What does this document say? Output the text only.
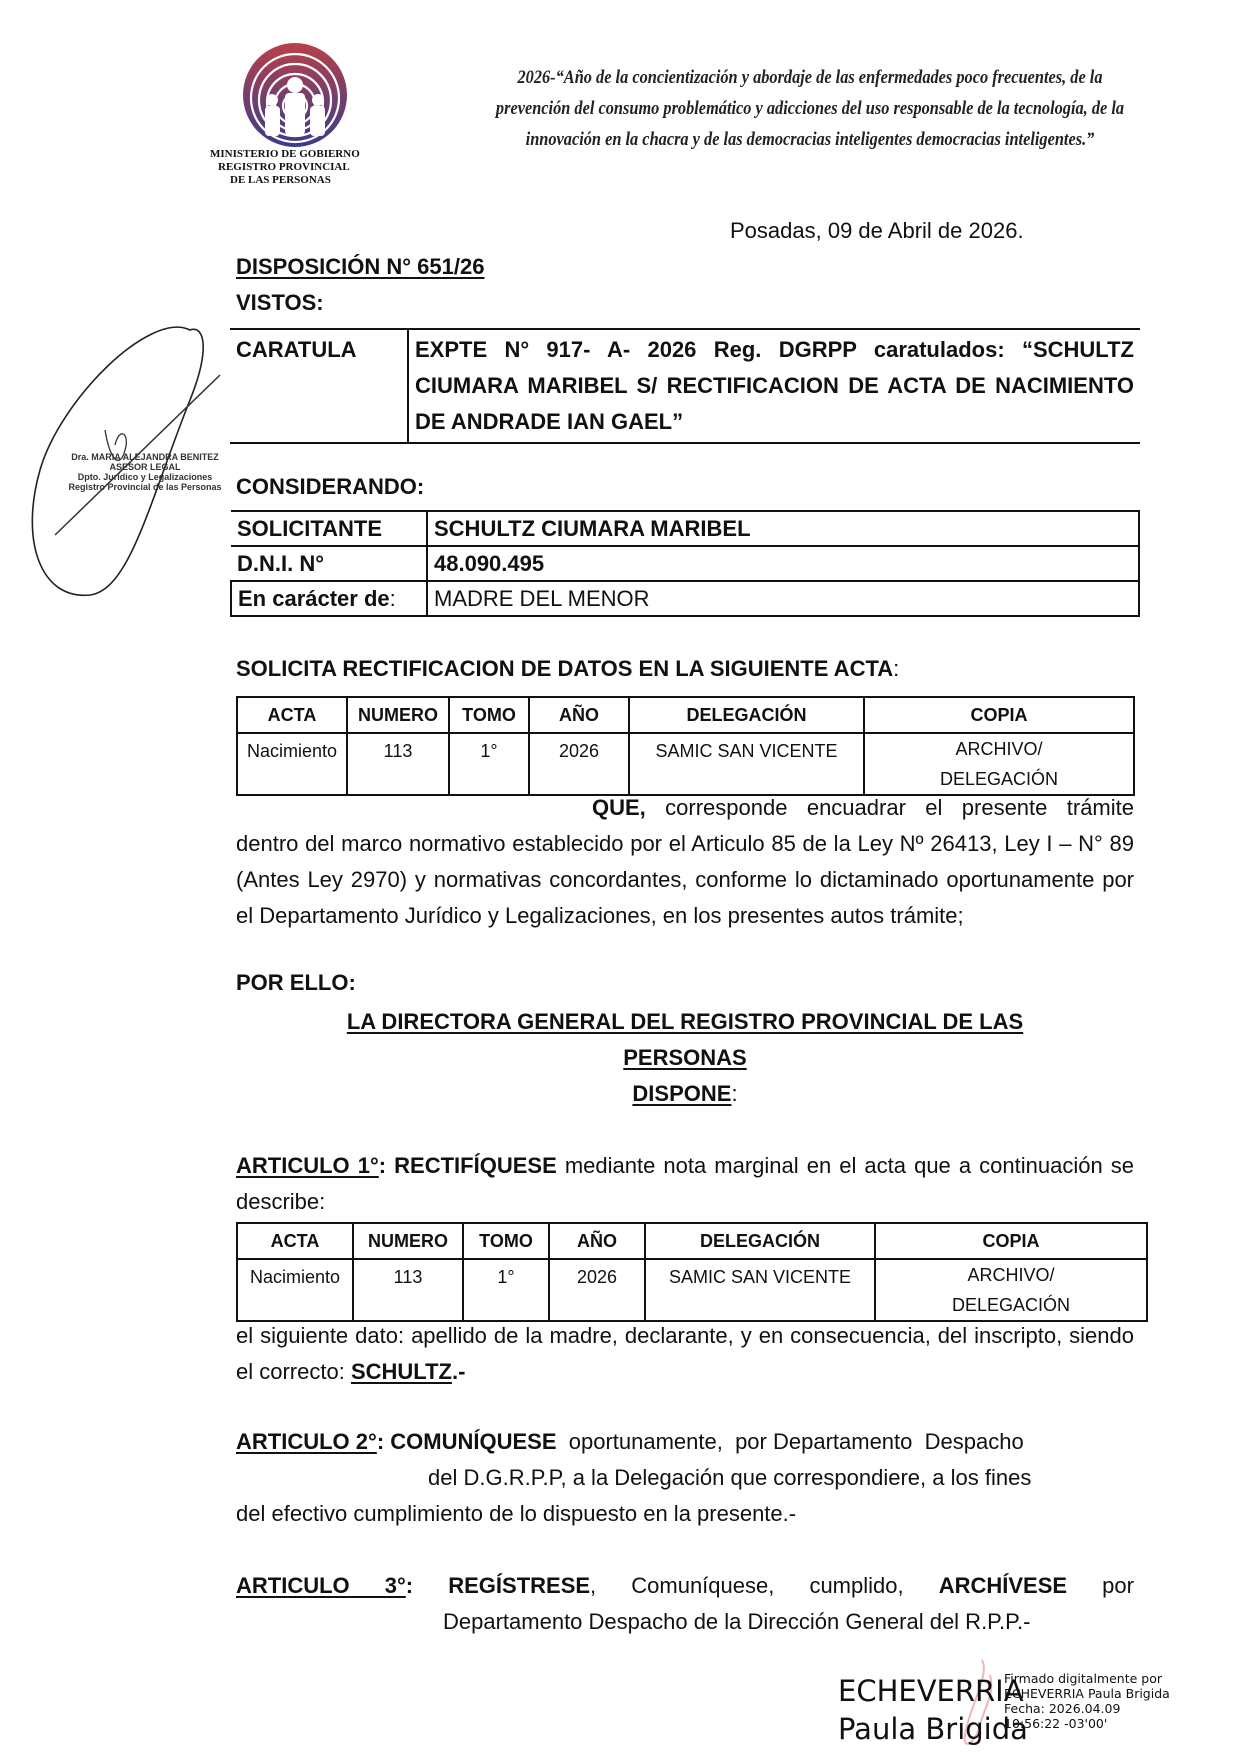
MINISTERIO DE GOBIERNO
REGISTRO PROVINCIAL
DE LAS PERSONAS
2026-“Año de la concientización y abordaje de las enfermedades poco frecuentes, de la
prevención del consumo problemático y adicciones del uso responsable de la tecnología, de la
innovación en la chacra y de las democracias inteligentes democracias inteligentes.”
Dra. MARIA ALEJANDRA BENITEZ
ASESOR LEGAL
Dpto. Jurídico y Legalizaciones
Registro Provincial de las Personas
Posadas, 09 de Abril de 2026.
DISPOSICIÓN N° 651/26
VISTOS:
CARATULA	EXPTE N° 917- A- 2026 Reg. DGRPP caratulados: “SCHULTZ CIUMARA MARIBEL S/ RECTIFICACION DE ACTA DE NACIMIENTO DE ANDRADE IAN GAEL”
CONSIDERANDO:
SOLICITANTE	SCHULTZ CIUMARA MARIBEL
D.N.I. N°	48.090.495
En carácter de:	MADRE DEL MENOR
SOLICITA RECTIFICACION DE DATOS EN LA SIGUIENTE ACTA:
ACTA	NUMERO	TOMO	AÑO	DELEGACIÓN	COPIA
Nacimiento	113	1°	2026	SAMIC SAN VICENTE	ARCHIVO/ DELEGACIÓN
QUE, corresponde encuadrar el presente trámite dentro del marco normativo establecido por el Articulo 85 de la Ley Nº 26413, Ley I – N° 89 (Antes Ley 2970) y normativas concordantes, conforme lo dictaminado oportunamente por el Departamento Jurídico y Legalizaciones, en los presentes autos trámite;
POR ELLO:
LA DIRECTORA GENERAL DEL REGISTRO PROVINCIAL DE LAS
PERSONAS
DISPONE:
ARTICULO 1°: RECTIFÍQUESE mediante nota marginal en el acta que a continuación se describe:
ACTA	NUMERO	TOMO	AÑO	DELEGACIÓN	COPIA
Nacimiento	113	1°	2026	SAMIC SAN VICENTE	ARCHIVO/ DELEGACIÓN
el siguiente dato: apellido de la madre, declarante, y en consecuencia, del inscripto, siendo el correcto: SCHULTZ.-
ARTICULO 2°: COMUNÍQUESE  oportunamente,  por Departamento  Despacho
del D.G.R.P.P, a la Delegación que correspondiere, a los fines
del efectivo cumplimiento de lo dispuesto en la presente.-
ARTICULO 3°: REGÍSTRESE, Comuníquese, cumplido, ARCHÍVESE por
Departamento Despacho de la Dirección General del R.P.P.-
ECHEVERRIA
Paula Brigida
Firmado digitalmente por
ECHEVERRIA Paula Brigida
Fecha: 2026.04.09
10:56:22 -03'00'
